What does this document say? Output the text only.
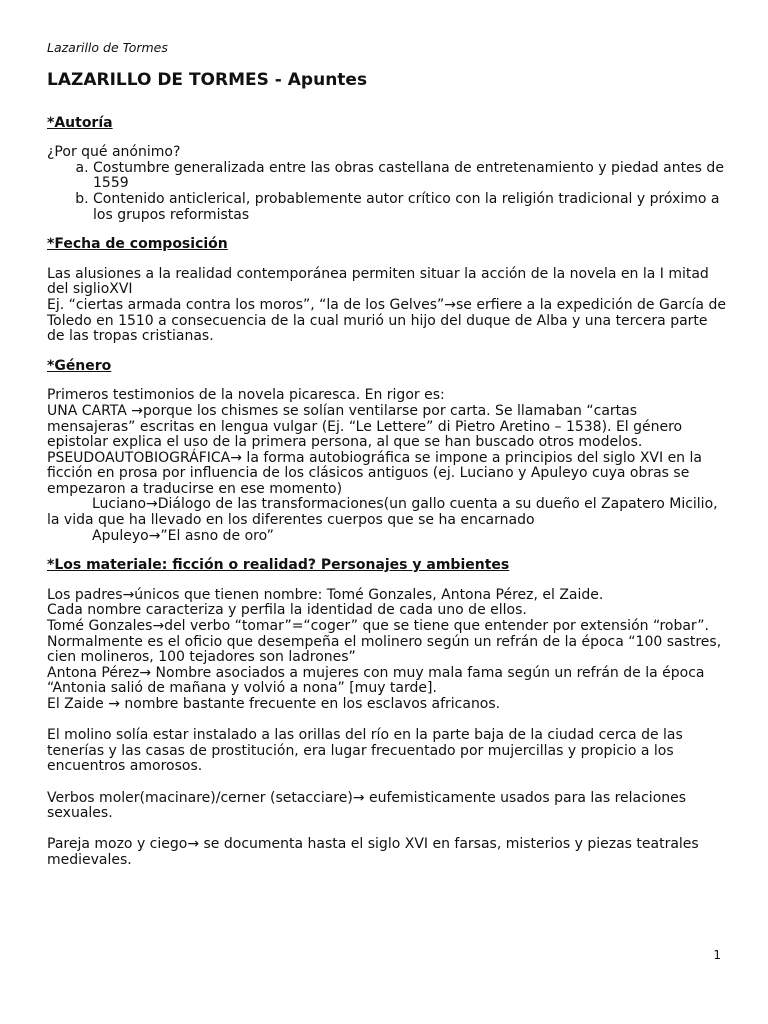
Lazarillo de Tormes
LAZARILLO DE TORMES - Apuntes
*Autoría

¿Por qué anónimo?

a. Costumbre generalizada entre las obras castellana de entretenamiento y piedad antes de 1559
b. Contenido anticlerical, probablemente autor crítico con la religión tradicional y próximo a los grupos reformistas
*Fecha de composición

Las alusiones a la realidad contemporánea permiten situar la acción de la novela en la I mitad del siglioXVI

Ej. “ciertas armada contra los moros”, “la de los Gelves”→se erfiere a la expedición de García de Toledo en 1510 a consecuencia de la cual murió un hijo del duque de Alba y una tercera parte de las tropas cristianas.

*Género

Primeros testimonios de la novela picaresca. En rigor es:

UNA CARTA →porque los chismes se solían ventilarse por carta. Se llamaban “cartas mensajeras” escritas en lengua vulgar (Ej. “Le Lettere” di Pietro Aretino – 1538). El género epistolar explica el uso de la primera persona, al que se han buscado otros modelos.

PSEUDOAUTOBIOGRÁFICA→ la forma autobiográfica se impone a principios del siglo XVI en la ficción en prosa por influencia de los clásicos antiguos (ej. Luciano y Apuleyo cuya obras se empezaron a traducirse en ese momento)

Luciano→Diálogo de las transformaciones(un gallo cuenta a su dueño el Zapatero Micilio, la vida que ha llevado en los diferentes cuerpos que se ha encarnado

Apuleyo→”El asno de oro”

*Los materiale: ficción o realidad? Personajes y ambientes

Los padres→únicos que tienen nombre: Tomé Gonzales, Antona Pérez, el Zaide.

Cada nombre caracteriza y perfila la identidad de cada uno de ellos.

Tomé Gonzales→del verbo “tomar”=“coger” que se tiene que entender por extensión “robar”. Normalmente es el oficio que desempeña el molinero según un refrán de la época “100 sastres, cien molineros, 100 tejadores son ladrones”

Antona Pérez→ Nombre asociados a mujeres con muy mala fama según un refrán de la época “Antonia salió de mañana y volvió a nona” [muy tarde].

El Zaide → nombre bastante frecuente en los esclavos africanos.

El molino solía estar instalado a las orillas del río en la parte baja de la ciudad cerca de las tenerías y las casas de prostitución, era lugar frecuentado por mujercillas y propicio a los encuentros amorosos.

Verbos moler(macinare)/cerner (setacciare)→ eufemisticamente usados para las relaciones sexuales.

Pareja mozo y ciego→ se documenta hasta el siglo XVI en farsas, misterios y piezas teatrales medievales.

1
